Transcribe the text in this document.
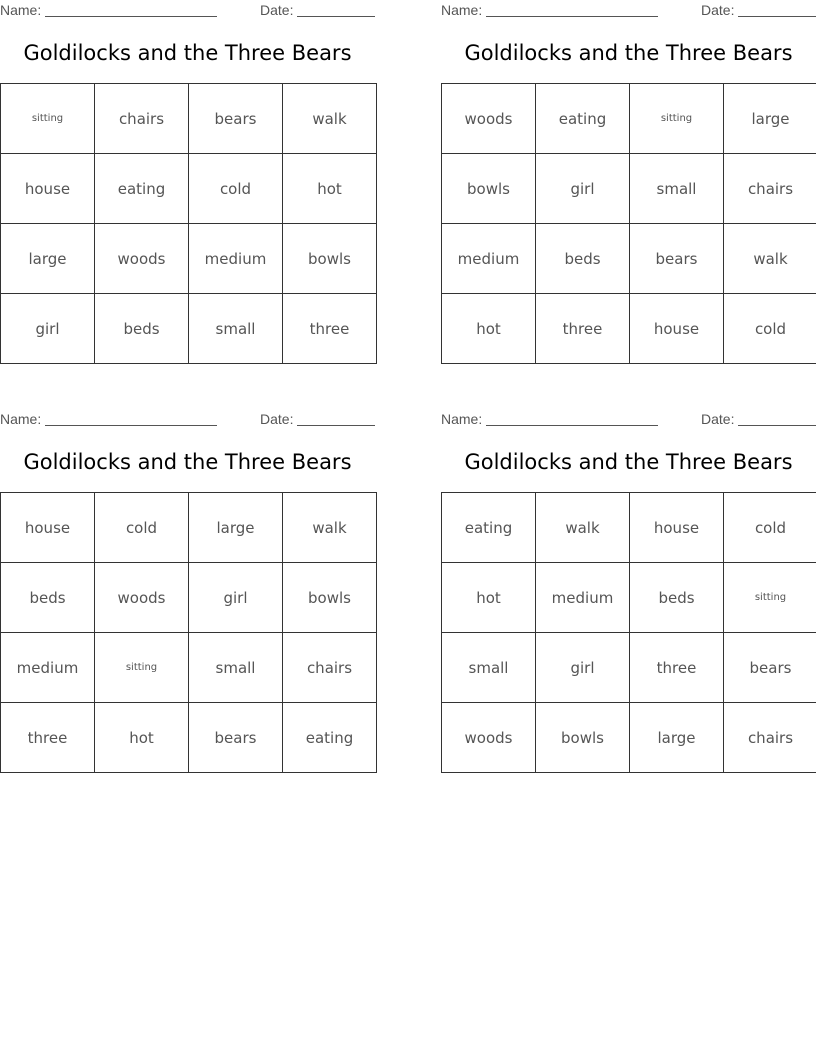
Name:	Date:
Goldilocks and the Three Bears
sitting	chairs	bears	walk
house	eating	cold	hot
large	woods	medium	bowls
girl	beds	small	three
Name:	Date:
Goldilocks and the Three Bears
woods	eating	sitting	large
bowls	girl	small	chairs
medium	beds	bears	walk
hot	three	house	cold
Name:	Date:
Goldilocks and the Three Bears
house	cold	large	walk
beds	woods	girl	bowls
medium	sitting	small	chairs
three	hot	bears	eating
Name:	Date:
Goldilocks and the Three Bears
eating	walk	house	cold
hot	medium	beds	sitting
small	girl	three	bears
woods	bowls	large	chairs
